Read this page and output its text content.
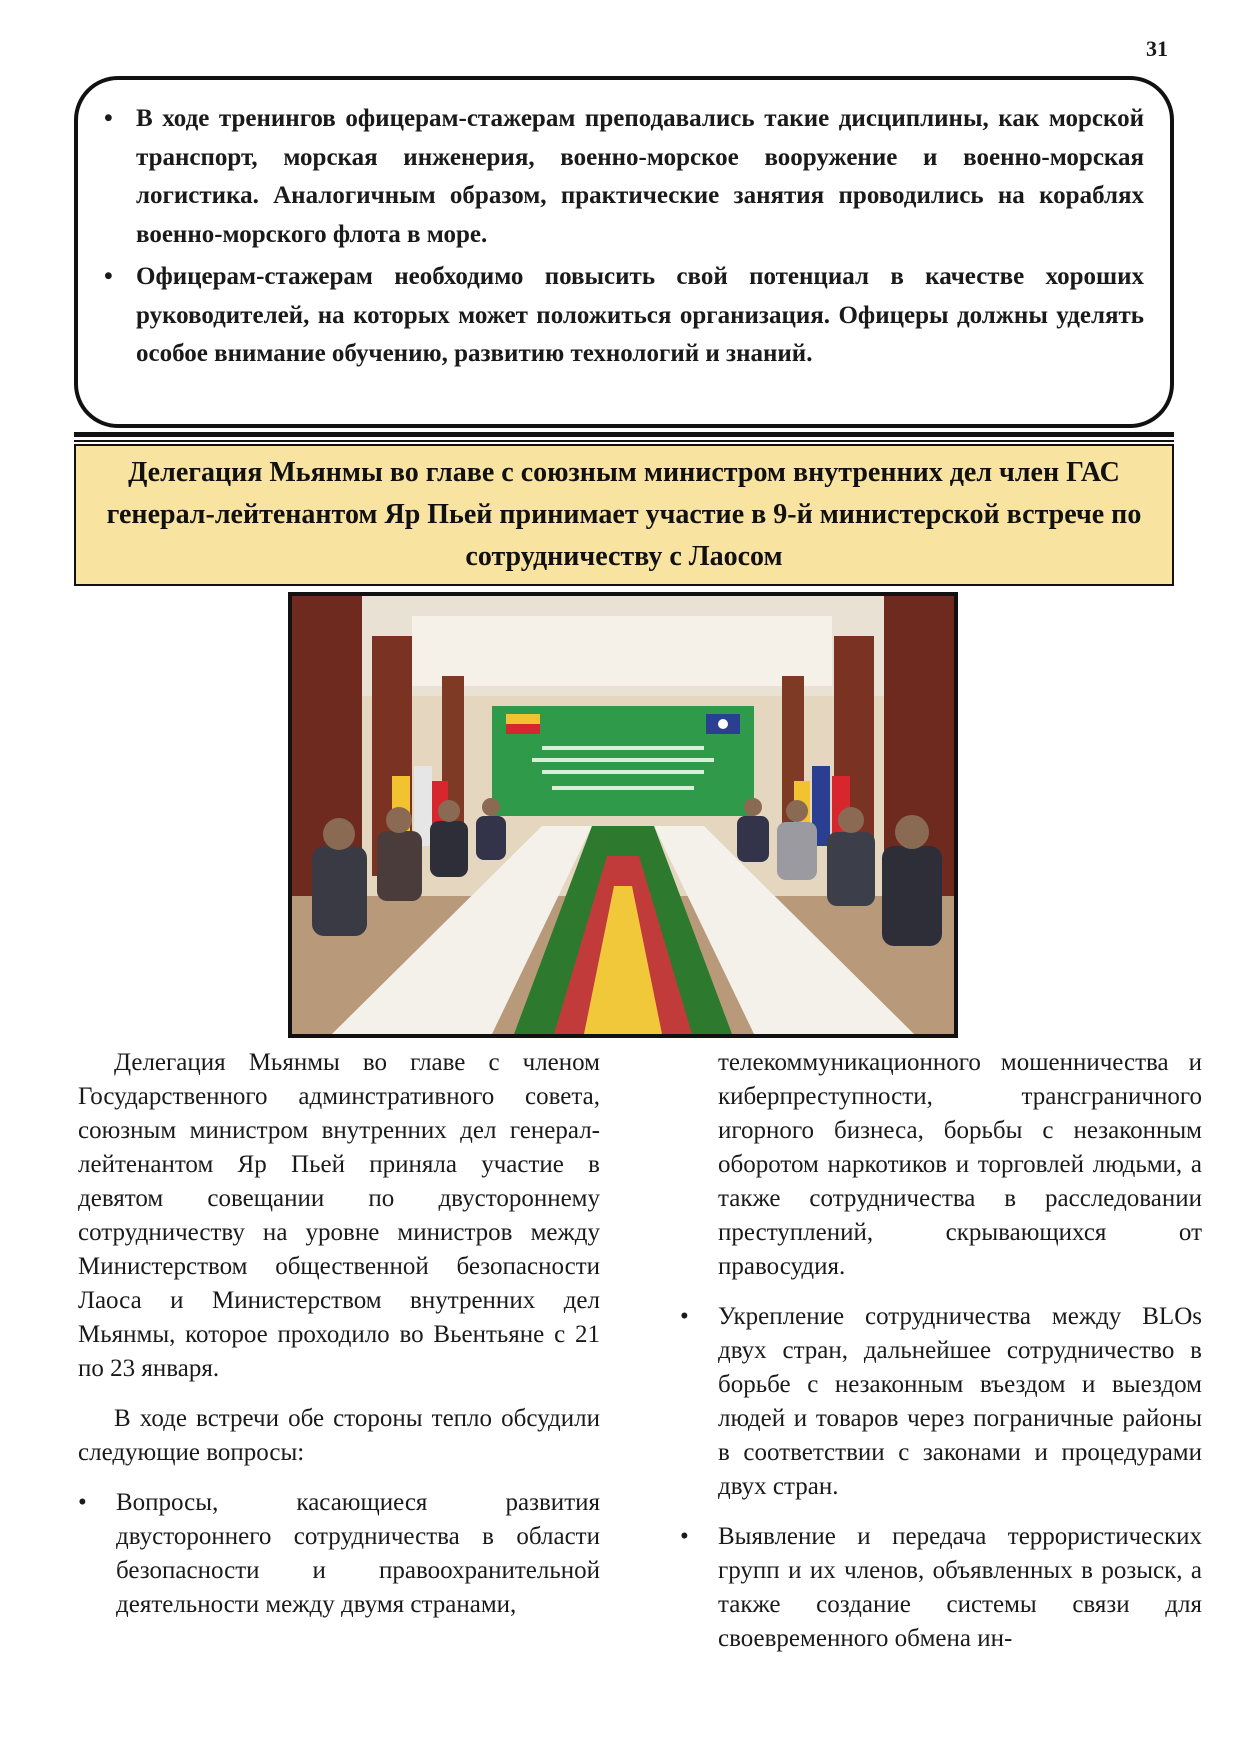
31
• В ходе тренингов офицерам-стажерам преподавались такие дисциплины, как морской транспорт, морская инженерия, военно-морское вооружение и военно-морская логистика. Аналогичным образом, практические занятия проводились на кораблях военно-морского флота в море.
• Офицерам-стажерам необходимо повысить свой потенциал в качестве хороших руководителей, на которых может положиться организация. Офицеры должны уделять особое внимание обучению, развитию технологий и знаний.
Делегация Мьянмы во главе с союзным министром внутренних дел член ГАС генерал-лейтенантом Яр Пьей принимает участие в 9-й министерской встрече по сотрудничеству с Лаосом

Делегация Мьянмы во главе с членом Государственного админстративного совета, союзным министром внутренних дел генерал-лейтенантом Яр Пьей приняла участие в девятом совещании по двустороннему сотрудничеству на уровне министров между Министерством общественной безопасности Лаоса и Министерством внутренних дел Мьянмы, которое проходило во Вьентьяне с 21 по 23 января.

В ходе встречи обе стороны тепло обсудили следующие вопросы:

• Вопросы, касающиеся развития двустороннего сотрудничества в области безопасности и правоохранительной деятельности между двумя странами,
телекоммуникационного мошенничества и киберпреступности, трансграничного игорного бизнеса, борьбы с незаконным оборотом наркотиков и торговлей людьми, а также сотрудничества в расследовании преступлений, скрывающихся от правосудия.
• Укрепление сотрудничества между BLOs двух стран, дальнейшее сотрудничество в борьбе с незаконным въездом и выездом людей и товаров через пограничные районы в соответствии с законами и процедурами двух стран.
• Выявление и передача террористических групп и их членов, объявленных в розыск, а также создание системы связи для своевременного обмена ин-
